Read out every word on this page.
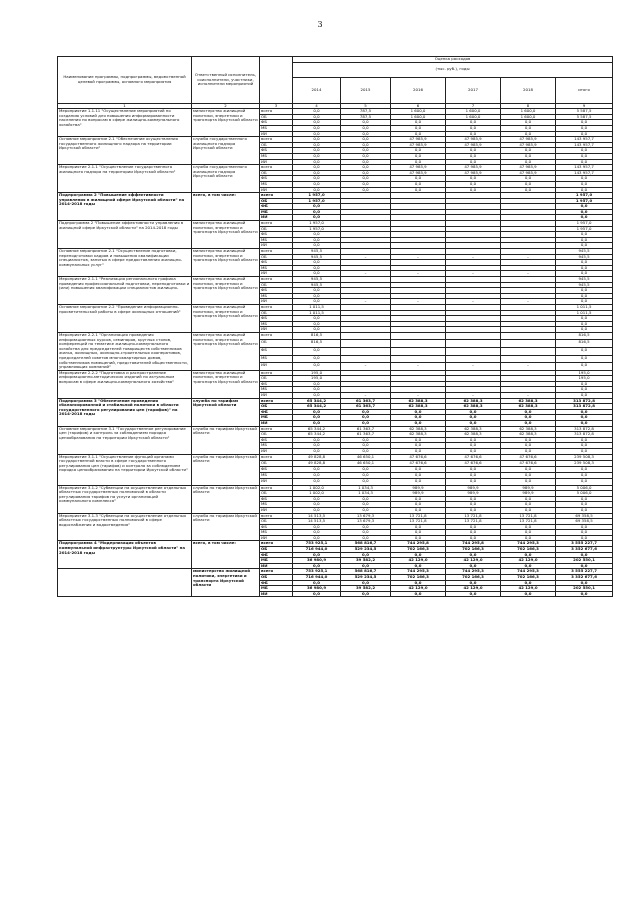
3
Наименование программы, подпрограммы, ведомственной целевой программы, основного мероприятия	Ответственный исполнитель, соисполнители, участники, исполнители мероприятий		Оценка расходов					
			(тыс. руб.), годы					
			2014	2015	2016	2017	2018	итого
1	2	3	4	5	6	7	8	9
Мероприятие 1.1.11 "Осуществление мероприятий по созданию условий для повышения информированности населения по вопросам в сфере жилищно-коммунального хозяйства"	министерство жилищной политики, энергетики и транспорта Иркутской области	всего	0,0	787,5	1 600,0	1 600,0	1 600,0	5 587,5
		ОБ	0,0	787,5	1 600,0	1 600,0	1 600,0	5 587,5
		ФБ	0,0	0,0	0,0	0,0	0,0	0,0
		МБ	0,0	0,0	0,0	0,0	0,0	0,0
		ИИ	0,0	0,0	0,0	0,0	0,0	0,0
Основное мероприятие 2.1 "Обеспечение осуществления государственного жилищного надзора на территории Иркутской области"	служба государственного жилищного надзора Иркутской области	всего	0,0	0,0	47 985,9	47 985,9	47 985,9	143 957,7
		ОБ	0,0	0,0	47 985,9	47 985,9	47 985,9	143 957,7
		ФБ	0,0	0,0	0,0	0,0	0,0	0,0
		МБ	0,0	0,0	0,0	0,0	0,0	0,0
		ИИ	0,0	0,0	0,0	0,0	0,0	0,0
Мероприятие 2.1.1 "Осуществление государственного жилищного надзора на территории Иркутской области"	служба государственного жилищного надзора Иркутской области	всего	0,0	0,0	47 985,9	47 985,9	47 985,9	143 957,7
		ОБ	0,0	0,0	47 985,9	47 985,9	47 985,9	143 957,7
		ФБ	0,0	0,0	0,0	0,0	0,0	0,0
		МБ	0,0	0,0	0,0	0,0	0,0	0,0
		ИИ	0,0	0,0	0,0	0,0	0,0	0,0
Подпрограмма 2 "Повышение эффективности управления в жилищной сфере Иркутской области" на 2014-2018 годы	всего, в том числе:	всего	1 957,0					1 957,0
		ОБ	1 957,0					1 957,0
		ФБ	0,0					0,0
		МБ	0,0					0,0
		ИИ	0,0					0,0
Подпрограмма 2 "Повышение эффективности управления в жилищной сфере Иркутской области" на 2014-2018 годы	министерство жилищной политики, энергетики и транспорта Иркутской области	всего	1 957,0					1 957,0
		ОБ	1 957,0					1 957,0
		ФБ	0,0					0,0
		МБ	0,0					0,0
		ИИ	0,0					0,0
Основное мероприятие 2.1 "Осуществление подготовки, переподготовки кадров и повышения квалификации специалистов, занятых в сфере предоставления жилищно-коммунальных услуг"	министерство жилищной политики, энергетики и транспорта Иркутской области	всего	945,5					945,5
		ОБ	945,5	–	–	–	–	945,5
		ФБ	0,0					0,0
		МБ	0,0					0,0
		ИИ	0,0	–	–	–	–	0,0
Мероприятие 2.1.1 "Реализация регионального графика проведения профессиональной подготовки, переподготовки и (или) повышения квалификации специалистов жилищно-	министерство жилищной политики, энергетики и транспорта Иркутской области	всего	945,5					945,5
		ОБ	945,5					945,5
		ФБ	0,0					0,0
		МБ	0,0					0,0
		ИИ	0,0	–	–	–	–	0,0
Основное мероприятие 2.2 "Проведение информационно-просветительской работы в сфере жилищных отношений"	министерство жилищной политики, энергетики и транспорта Иркутской области	всего	1 011,5					1 011,5
		ОБ	1 011,5					1 011,5
		ФБ	0,0					0,0
		МБ	0,0					0,0
		ИИ	0,0					0,0
Мероприятие 2.2.1 "Организация проведения информационных курсов, семинаров, круглых столов, конференций по тематике жилищно-коммунального хозяйства для председателей товариществ собственников жилья, жилищных, жилищно-строительных кооперативов, председателей советов многоквартирных домов, собственников помещений, представителей общественности, управляющих компаний"	министерство жилищной политики, энергетики и транспорта Иркутской области	всего	816,5					816,5
		ОБ	816,5					816,5
		ФБ	0,0					0,0
		МБ	0,0					0,0
		ИИ	0,0	–	–	–	–	0,0
Мероприятие 2.2.2 "Подготовка и распространение информационно-методических изданий по актуальным вопросам в сфере жилищно-коммунального хозяйства"	министерство жилищной политики, энергетики и транспорта Иркутской области	всего	195,0					195,0
		ОБ	195,0					195,0
		ФБ	0,0					0,0
		МБ	0,0					0,0
		ИИ	0,0	–	–	–	–	0,0
Подпрограмма 3 "Обеспечение проведения сбалансированной и стабильной политики в области государственного регулирования цен (тарифов)" на 2014-2018 годы	служба по тарифам Иркутской области	всего	65 344,2	61 363,7	62 388,3	62 388,3	62 388,3	313 872,8
		ОБ	65 344,2	61 363,7	62 388,3	62 388,3	62 388,3	313 872,8
		ФБ	0,0	0,0	0,0	0,0	0,0	0,0
		МБ	0,0	0,0	0,0	0,0	0,0	0,0
		ИИ	0,0	0,0	0,0	0,0	0,0	0,0
Основное мероприятие 3.1 "Государственное регулирование цен (тарифов) и контроль за соблюдением порядка ценообразования на территории Иркутской области"	служба по тарифам Иркутской области	всего	65 344,2	61 363,7	62 388,3	62 388,3	62 388,3	313 872,8
		ОБ	65 344,2	61 363,7	62 388,3	62 388,3	62 388,3	313 872,8
		ФБ	0,0	0,0	0,0	0,0	0,0	0,0
		МБ	0,0	0,0	0,0	0,0	0,0	0,0
		ИИ	0,0	0,0	0,0	0,0	0,0	0,0
Мероприятие 3.1.1 "Осуществление функций органами государственной власти в сфере государственного регулирования цен (тарифов) и контроля за соблюдением порядка ценообразования на территории Иркутской области"	служба по тарифам Иркутской области	всего	49 828,8	46 650,1	47 676,6	47 676,6	47 676,6	239 508,3
		ОБ	49 828,8	46 650,1	47 676,6	47 676,6	47 676,6	239 508,3
		ФБ	0,0	0,0	0,0	0,0	0,0	0,0
		МБ	0,0	0,0	0,0	0,0	0,0	0,0
		ИИ	0,0	0,0	0,0	0,0	0,0	0,0
Мероприятие 3.1.2 "Субвенции на осуществление отдельных областных государственных полномочий в области регулирования тарифов на услуги организаций коммунального комплекса"	служба по тарифам Иркутской области	всего	1 002,0	1 034,3	989,9	989,9	989,9	5 006,0
		ОБ	1 002,0	1 034,3	989,9	989,9	989,9	5 006,0
		ФБ	0,0	0,0	0,0	0,0	0,0	0,0
		МБ	0,0	0,0	0,0	0,0	0,0	0,0
		ИИ	0,0	0,0	0,0	0,0	0,0	0,0
Мероприятие 3.1.3 "Субвенции на осуществление отдельных областных государственных полномочий в сфере водоснабжения и водоотведения"	служба по тарифам Иркутской области	всего	14 513,5	13 679,3	13 721,8	13 721,8	13 721,8	69 358,5
		ОБ	14 513,5	13 679,3	13 721,8	13 721,8	13 721,8	69 358,5
		ФБ	0,0	0,0	0,0	0,0	0,0	0,0
		МБ	0,0	0,0	0,0	0,0	0,0	0,0
		ИИ	0,0	0,0	0,0	0,0	0,0	0,0
Подпрограмма 4 "Модернизация объектов коммунальной инфраструктуры Иркутской области" на 2014-2018 годы	всего, в том числе:	всего	753 925,1	568 816,7	744 295,8	744 295,8	744 295,3	3 555 227,7
		ОБ	716 944,0	529 234,5	702 166,3	702 166,3	702 166,3	3 352 677,6
		ФБ	0,0	0,0	0,0	0,0	0,0	0,0
		МБ	36 980,9	39 582,2	42 129,0	42 129,0	42 129,0	202 550,1
		ИИ	0,0	0,0	0,0	0,0	0,0	0,0
	министерство жилищной политики, энергетики и транспорта Иркутской области	всего	753 925,1	568 816,7	744 295,3	744 295,3	744 295,3	3 555 227,7
		ОБ	716 944,0	529 234,5	702 166,3	702 166,3	702 166,3	3 352 677,6
		ФБ	0,0	0,0	0,0	0,0	0,0	0,0
		МБ	36 980,9	39 582,2	42 129,0	42 129,0	42 129,0	202 550,1
		ИИ	0,0	0,0	0,0	0,0	0,0	0,0
